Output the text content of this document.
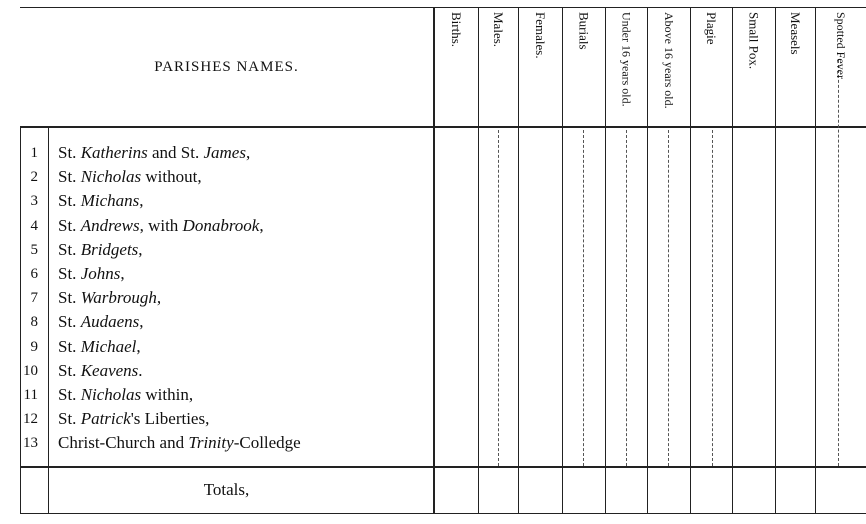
PARISHES NAMES.
Births. Males. Females. Burials Under 16 years old. Above 16 years old. Plagie Small Pox. Measels	Spotted Fever
1 St. Katherins and St. James,
2 St. Nicholas without,
3 St. Michans,
4 St. Andrews, with Donabrook,
5 St. Bridgets,
6 St. Johns,
7 St. Warbrough,
8 St. Audaens,
9 St. Michael,
10 St. Keavens.
11 St. Nicholas within,
12 St. Patrick's Liberties,
13 Christ-Church and Trinity-Colledge
Totals,
